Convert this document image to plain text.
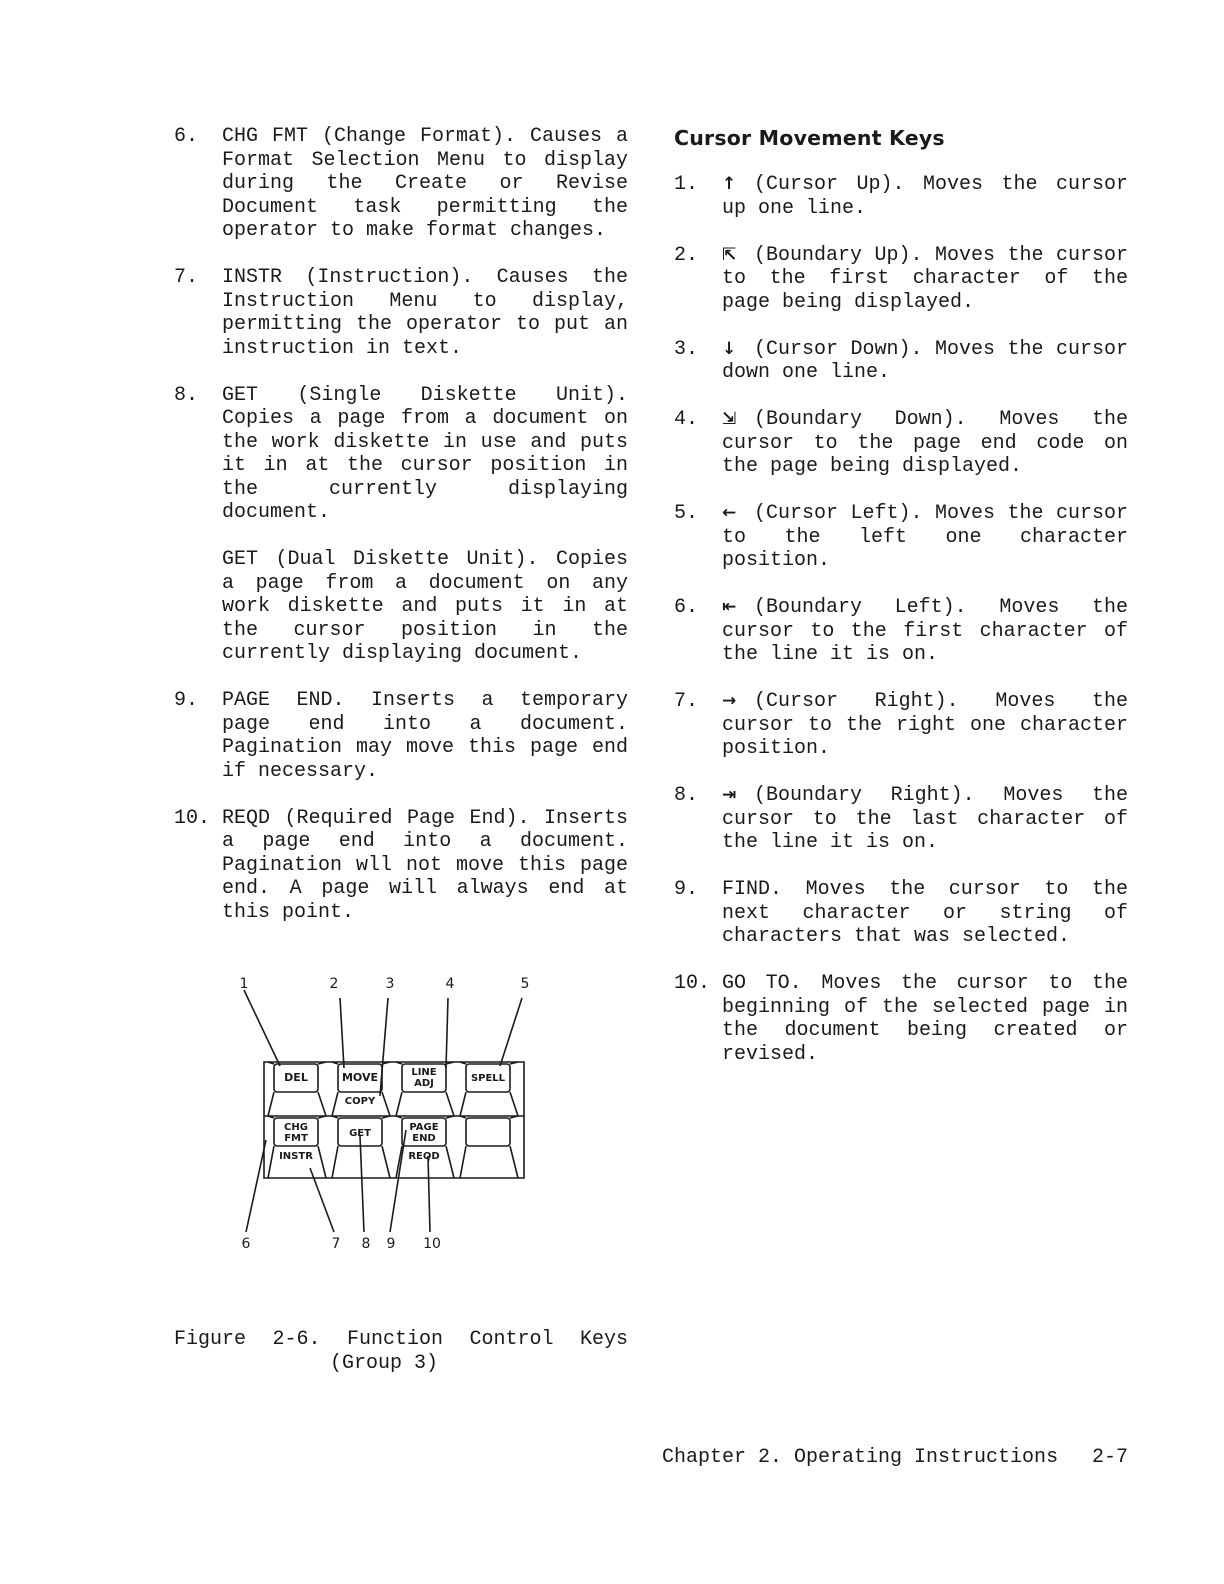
6.	CHG FMT (Change Format). Causes a Format Selection Menu to display during the Create or Revise Document task permitting the operator to make format changes.
7.	INSTR (Instruction). Causes the Instruction Menu to display, permitting the operator to put an instruction in text.
8.	GET (Single Diskette Unit). Copies a page from a document on the work diskette in use and puts it in at the cursor position in the currently displaying document.
GET (Dual Diskette Unit). Copies a page from a document on any work diskette and puts it in at the cursor position in the currently displaying document.
9.	PAGE END. Inserts a temporary page end into a document. Pagination may move this page end if necessary.
10. REQD (Required Page End). Inserts a page end into a document. Pagination wll not move this page end. A page will always end at this point.
DEL	MOVE
COPY
LINE
ADJ	SPELL
CHG
FMT
INSTR
GET
PAGE
END
REQD
1	2	3	4	5
6	7 8 9 10
Figure 2-6. Function Control Keys
(Group 3)
Cursor Movement Keys
1.	↑ (Cursor Up). Moves the cursor up one line.
2.	⇱ (Boundary Up). Moves the cursor to the first character of the page being displayed.
3.	↓ (Cursor Down). Moves the cursor down one line.
4.	⇲ (Boundary Down). Moves the cursor to the page end code on the page being displayed.
5.	← (Cursor Left). Moves the cursor to the left one character position.
6.	⇤ (Boundary Left). Moves the cursor to the first character of the line it is on.
7.	→ (Cursor Right). Moves the cursor to the right one character position.
8.	⇥ (Boundary Right). Moves the cursor to the last character of the line it is on.
9.	FIND. Moves the cursor to the next character or string of characters that was selected.
10. GO TO. Moves the cursor to the beginning of the selected page in the document being created or revised.
Chapter 2. Operating Instructions 2-7
